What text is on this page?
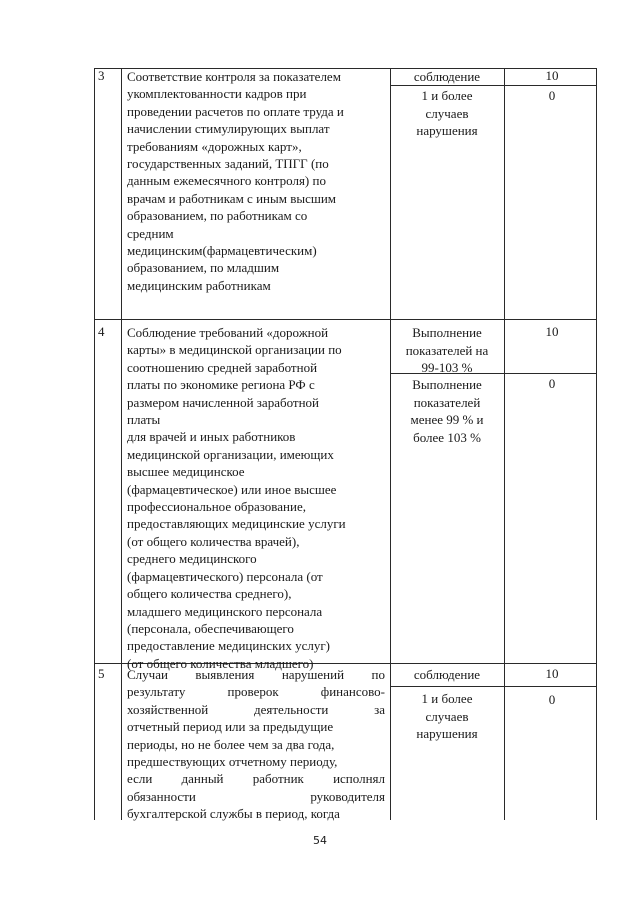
3 Соответствие контроля за показателем
укомплектованности кадров при
проведении расчетов по оплате труда и
начислении стимулирующих выплат
требованиям «дорожных карт»,
государственных заданий, ТПГГ (по
данным ежемесячного контроля) по
врачам и работникам с иным высшим
образованием, по работникам со
средним
медицинским(фармацевтическим)
образованием, по младшим
медицинским работникам
соблюдение	10
1 и более случаев нарушения
0
4 Соблюдение требований «дорожной
карты» в медицинской организации по
соотношению средней заработной
платы по экономике региона РФ с
размером начисленной заработной
платы
для врачей и иных работников
медицинской организации, имеющих
высшее медицинское
(фармацевтическое) или иное высшее
профессиональное образование,
предоставляющих медицинские услуги
(от общего количества врачей),
среднего медицинского
(фармацевтического) персонала (от
общего количества среднего),
младшего медицинского персонала
(персонала, обеспечивающего
предоставление медицинских услуг)
(от общего количества младшего)
Выполнение показателей на 99-103 %
10
Выполнение показателей менее 99 % и более 103 %
0
5 Случаи выявления нарушений по
результату проверок финансово-
хозяйственной деятельности за
отчетный период или за предыдущие
периоды, но не более чем за два года,
предшествующих отчетному периоду,
если данный работник исполнял
обязанности руководителя
бухгалтерской службы в период, когда
соблюдение	10
1 и более случаев нарушения
0
54
